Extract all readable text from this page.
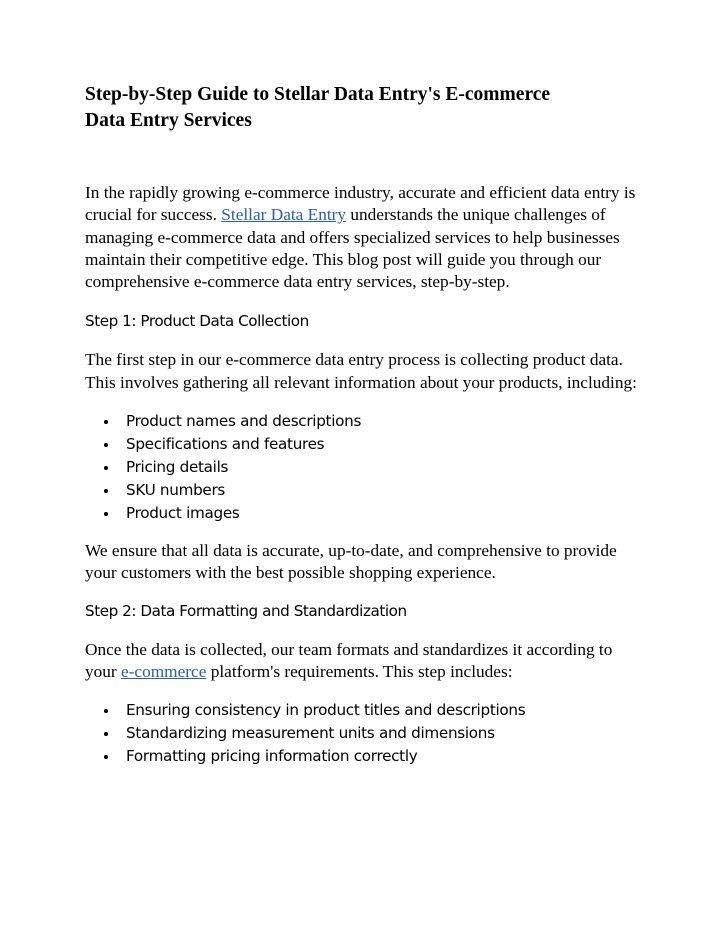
Step-by-Step Guide to Stellar Data Entry's E-commerce
Data Entry Services

In the rapidly growing e-commerce industry, accurate and efficient data entry is crucial for success. Stellar Data Entry understands the unique challenges of managing e-commerce data and offers specialized services to help businesses maintain their competitive edge. This blog post will guide you through our comprehensive e-commerce data entry services, step-by-step.

Step 1: Product Data Collection

The first step in our e-commerce data entry process is collecting product data. This involves gathering all relevant information about your products, including:

Product names and descriptions
Specifications and features
Pricing details
SKU numbers
Product images

We ensure that all data is accurate, up-to-date, and comprehensive to provide your customers with the best possible shopping experience.

Step 2: Data Formatting and Standardization

Once the data is collected, our team formats and standardizes it according to your e-commerce platform's requirements. This step includes:

Ensuring consistency in product titles and descriptions
Standardizing measurement units and dimensions
Formatting pricing information correctly
